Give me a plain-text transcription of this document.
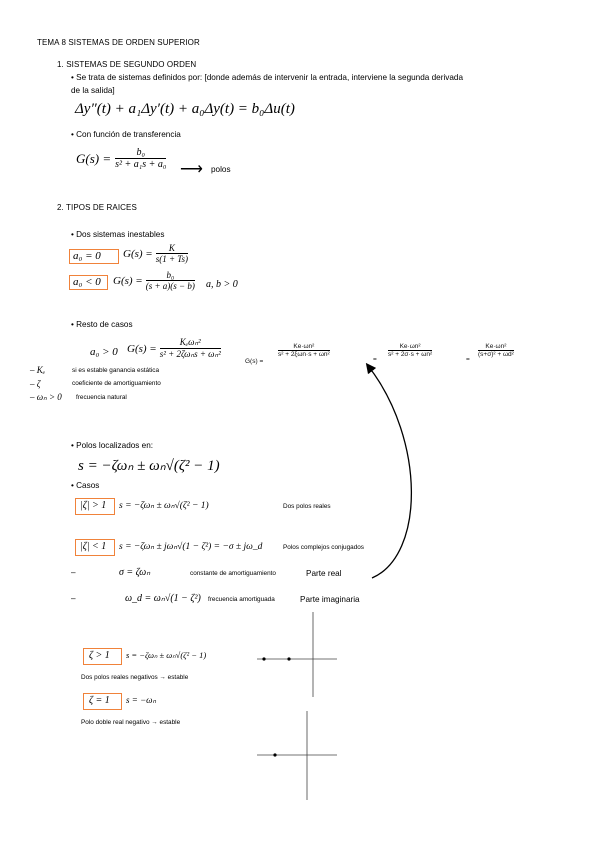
TEMA 8 SISTEMAS DE ORDEN SUPERIOR
1. SISTEMAS DE SEGUNDO ORDEN
• Se trata de sistemas definidos por: [donde además de intervenir la entrada, interviene la segunda derivada
de la salida]
Δy″(t) + a₁Δy′(t) + a₀Δy(t) = b₀Δu(t)
• Con función de transferencia
$G(s) = \frac{\text{b₀}}{\text{s² + a₁s + a₀}}$ ⟶ polos
2. TIPOS DE RAICES
• Dos sistemas inestables
a₀ = 0 $G(s) = \frac{K}{s(1 + Ts)}$
a₀ < 0 $G(s) = \frac{\text{b₀}}{(s + a)(s - b)} a$, b > 0
• Resto de casos
a₀ > 0 $G(s) = \frac{\text{Kₑωₙ²}}{\text{s² + 2ζωₙs + ωₙ²}}$
G(s) =
$\frac{\text{Ke·ωn²}}{\text{s² + 2ξωn·s + ωn²}}$
=
$\frac{\text{Ke·ωn²}}{\text{s² + 2σ·s + ωn²}}$
=
$\frac{\text{Ke·ωn²}}{\text{(s+σ)² + ωd²}}$
– Kₑ	si es estable ganancia estática
– ζ	coeficiente de amortiguamiento
– ωₙ > 0 frecuencia natural
• Polos localizados en:
s = −ζωₙ ± ωₙ√(ζ² − 1)
• Casos
|ζ| > 1 s = −ζωₙ ± ωₙ√(ζ² − 1)	Dos polos reales
|ζ| < 1 s = −ζωₙ ± jωₙ√(1 − ζ²) = −σ ± jω_d	Polos complejos conjugados
–	σ = ζωₙ	constante de amortiguamiento	Parte real
–	ω_d = ωₙ√(1 − ζ²) frecuencia amortiguada	Parte imaginaria
ζ > 1 s = −ζωₙ ± ωₙ√(ζ² − 1)
Dos polos reales negativos → estable
ζ = 1 s = −ωₙ
Polo doble real negativo → estable
